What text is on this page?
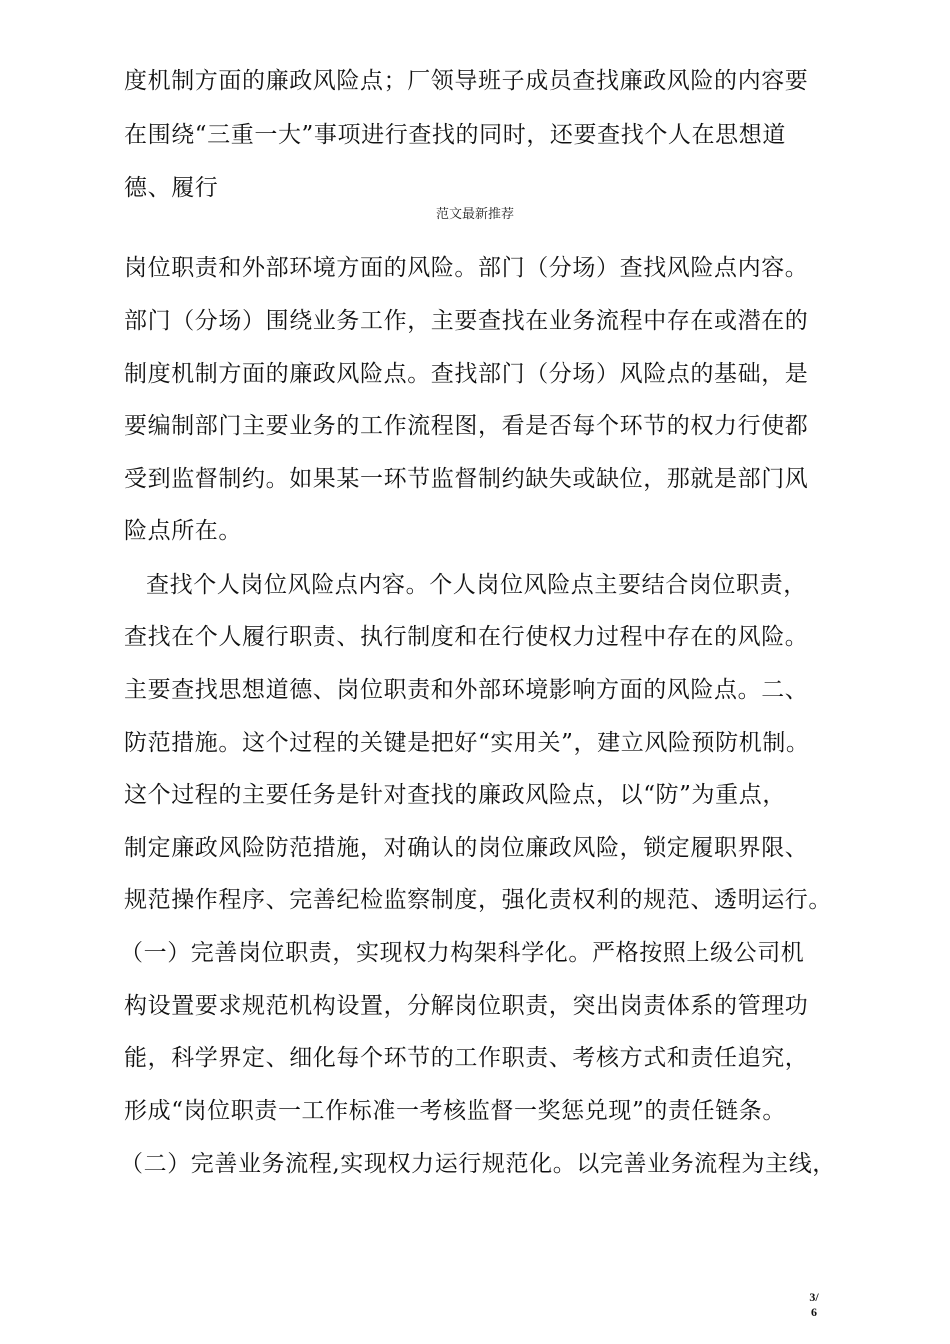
度机制方面的廉政风险点；厂领导班子成员查找廉政风险的内容要
在围绕“三重一大”事项进行查找的同时，还要查找个人在思想道
德、履行
范文最新推荐
岗位职责和外部环境方面的风险。部门（分场）查找风险点内容。
部门（分场）围绕业务工作，主要查找在业务流程中存在或潜在的
制度机制方面的廉政风险点。查找部门（分场）风险点的基础，是
要编制部门主要业务的工作流程图，看是否每个环节的权力行使都
受到监督制约。如果某一环节监督制约缺失或缺位，那就是部门风
险点所在。
查找个人岗位风险点内容。个人岗位风险点主要结合岗位职责，
查找在个人履行职责、执行制度和在行使权力过程中存在的风险。
主要查找思想道德、岗位职责和外部环境影响方面的风险点。二、
防范措施。这个过程的关键是把好“实用关”，建立风险预防机制。
这个过程的主要任务是针对查找的廉政风险点，以“防”为重点，
制定廉政风险防范措施，对确认的岗位廉政风险，锁定履职界限、
规范操作程序、完善纪检监察制度，强化责权利的规范、透明运行。
（一）完善岗位职责，实现权力构架科学化。严格按照上级公司机
构设置要求规范机构设置，分解岗位职责，突出岗责体系的管理功
能，科学界定、细化每个环节的工作职责、考核方式和责任追究，
形成“岗位职责一工作标准一考核监督一奖惩兑现”的责任链条。
（二）完善业务流程,实现权力运行规范化。以完善业务流程为主线，
3/
6
